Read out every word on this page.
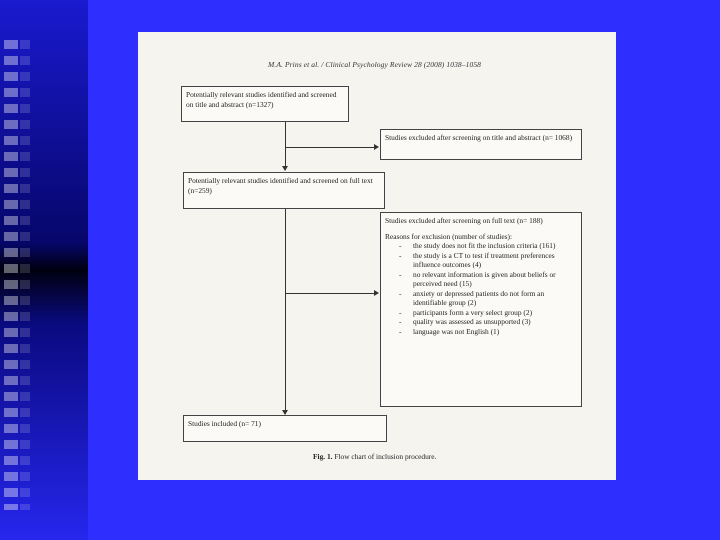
M.A. Prins et al. / Clinical Psychology Review 28 (2008) 1038–1058
Potentially relevant studies identified and screened on title and abstract (n=1327)
Studies excluded after screening on title and abstract (n= 1068)
Potentially relevant studies identified and screened on full text (n=259)
Studies excluded after screening on full text (n= 188)
Reasons for exclusion (number of studies):
- the study does not fit the inclusion criteria (161)
- the study is a CT to test if treatment preferences influence outcomes (4)
- no relevant information is given about beliefs or perceived need (15)
- anxiety or depressed patients do not form an identifiable group (2)
- participants form a very select group (2)
- quality was assessed as unsupported (3)
- language was not English (1)
Studies included (n= 71)
Fig. 1. Flow chart of inclusion procedure.
